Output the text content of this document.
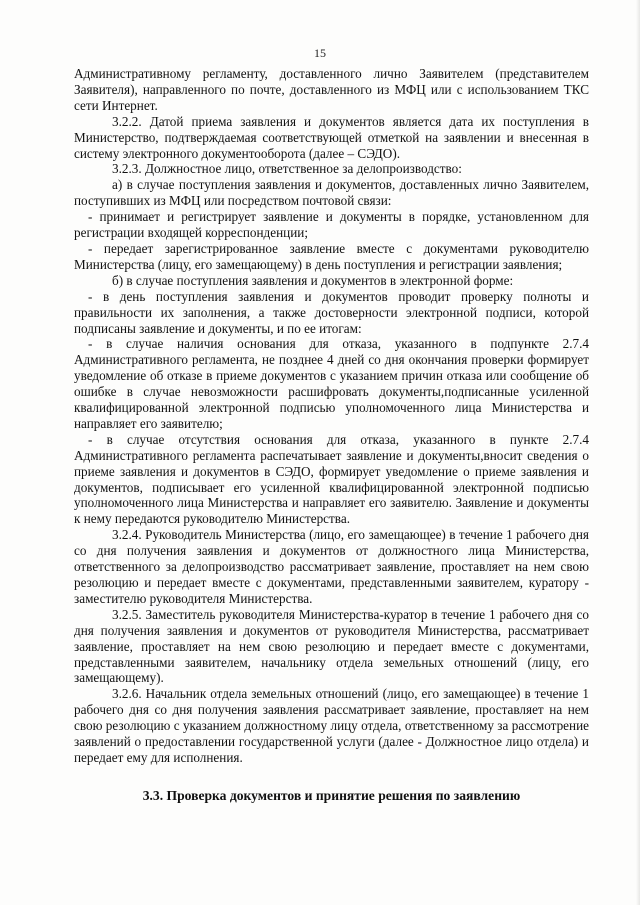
15

Административному регламенту, доставленного лично Заявителем (представителем Заявителя), направленного по почте, доставленного из МФЦ или с использованием ТКС сети Интернет.

3.2.2. Датой приема заявления и документов является дата их поступления в Министерство, подтверждаемая соответствующей отметкой на заявлении и внесенная в систему электронного документооборота (далее – СЭДО).

3.2.3. Должностное лицо, ответственное за делопроизводство:

а) в случае поступления заявления и документов, доставленных лично Заявителем, поступивших из МФЦ или посредством почтовой связи:

- принимает и регистрирует заявление и документы в порядке, установленном для регистрации входящей корреспонденции;

- передает зарегистрированное заявление вместе с документами руководителю Министерства (лицу, его замещающему) в день поступления и регистрации заявления;

б) в случае поступления заявления и документов в электронной форме:

- в день поступления заявления и документов проводит проверку полноты и правильности их заполнения, а также достоверности электронной подписи, которой подписаны заявление и документы, и по ее итогам:

- в случае наличия основания для отказа, указанного в подпункте 2.7.4 Административного регламента, не позднее 4 дней со дня окончания проверки формирует уведомление об отказе в приеме документов с указанием причин отказа или сообщение об ошибке в случае невозможности расшифровать документы,подписанные усиленной квалифицированной электронной подписью уполномоченного лица Министерства и направляет его заявителю;

- в случае отсутствия основания для отказа, указанного в пункте 2.7.4 Административного регламента распечатывает заявление и документы,вносит сведения о приеме заявления и документов в СЭДО, формирует уведомление о приеме заявления и документов, подписывает его усиленной квалифицированной электронной подписью уполномоченного лица Министерства и направляет его заявителю. Заявление и документы к нему передаются руководителю Министерства.

3.2.4. Руководитель Министерства (лицо, его замещающее) в течение 1 рабочего дня со дня получения заявления и документов от должностного лица Министерства, ответственного за делопроизводство рассматривает заявление, проставляет на нем свою резолюцию и передает вместе с документами, представленными заявителем, куратору - заместителю руководителя Министерства.

3.2.5. Заместитель руководителя Министерства-куратор в течение 1 рабочего дня со дня получения заявления и документов от руководителя Министерства, рассматривает заявление, проставляет на нем свою резолюцию и передает вместе с документами, представленными заявителем, начальнику отдела земельных отношений (лицу, его замещающему).

3.2.6. Начальник отдела земельных отношений (лицо, его замещающее) в течение 1 рабочего дня со дня получения заявления рассматривает заявление, проставляет на нем свою резолюцию с указанием должностному лицу отдела, ответственному за рассмотрение заявлений о предоставлении государственной услуги (далее - Должностное лицо отдела) и передает ему для исполнения.

3.3. Проверка документов и принятие решения по заявлению
